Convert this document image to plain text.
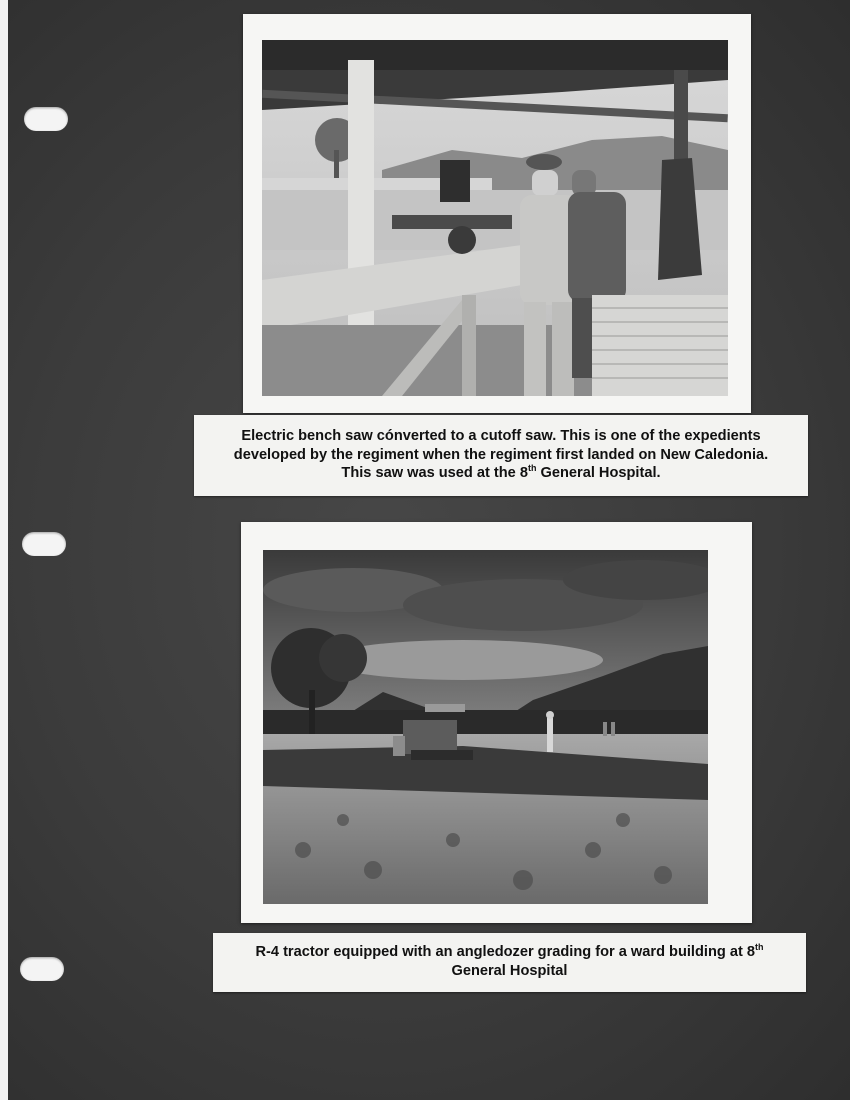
Electric bench saw cónverted to a cutoff saw. This is one of the expedients
developed by the regiment when the regiment first landed on New Caledonia.
This saw was used at the 8th General Hospital.
R-4 tractor equipped with an angledozer grading for a ward building at 8th
General Hospital
